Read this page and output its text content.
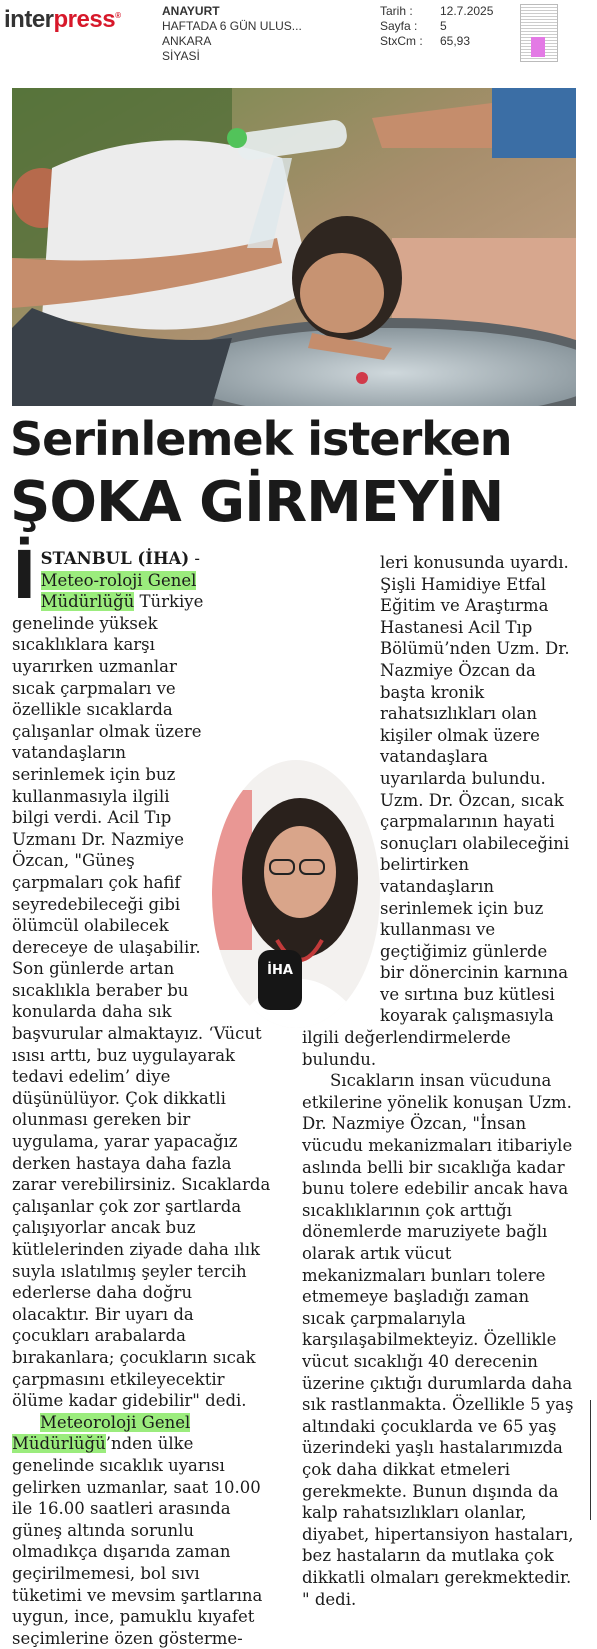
interpress®	ANAYURT
HAFTADA 6 GÜN ULUS...
ANKARA
SİYASİ
Tarih :	12.7.2025
Sayfa :	5
StxCm :	65,93
Serinlemek isterken
ŞOKA GİRMEYİN

İSTANBUL (İHA) - Meteo-roloji Genel Müdürlüğü Türkiye genelinde yüksek sıcaklıklara karşı uyarırken uzmanlar sıcak çarpmaları ve özellikle sıcaklarda çalışanlar olmak üzere vatandaşların serinlemek için buz kullanmasıyla ilgili bilgi verdi. Acil Tıp Uzmanı Dr. Nazmiye Özcan, "Güneş çarpmaları çok hafif seyredebileceği gibi ölümcül olabilecek dereceye de ulaşabilir. Son günlerde artan sıcaklıkla beraber bu konularda daha sık başvurular almaktayız. ‘Vücut ısısı arttı, buz uygulayarak tedavi edelim’ diye düşünülüyor. Çok dikkatli olunması gereken bir uygulama, yarar yapacağız derken hastaya daha fazla zarar verebilirsiniz. Sıcaklarda çalışanlar çok zor şartlarda çalışıyorlar ancak buz kütlelerinden ziyade daha ılık suyla ıslatılmış şeyler tercih ederlerse daha doğru olacaktır. Bir uyarı da çocukları arabalarda bırakanlara; çocukların sıcak çarpmasını etkileyecektir ölüme kadar gidebilir" dedi.

Meteoroloji Genel Müdürlüğü’nden ülke genelinde sıcaklık uyarısı gelirken uzmanlar, saat 10.00 ile 16.00 saatleri arasında güneş altında sorunlu olmadıkça dışarıda zaman geçirilmemesi, bol sıvı tüketimi ve mevsim şartlarına uygun, ince, pamuklu kıyafet seçimlerine özen gösterme-

İHA

leri konusunda uyardı. Şişli Hamidiye Etfal Eğitim ve Araştırma Hastanesi Acil Tıp Bölümü’nden Uzm. Dr. Nazmiye Özcan da başta kronik rahatsızlıkları olan kişiler olmak üzere vatandaşlara uyarılarda bulundu. Uzm. Dr. Özcan, sıcak çarpmalarının hayati sonuçları olabileceğini belirtirken vatandaşların serinlemek için buz kullanması ve geçtiğimiz günlerde bir dönercinin karnına ve sırtına buz kütlesi koyarak çalışmasıyla ilgili değerlendirmelerde bulundu.

Sıcakların insan vücuduna etkilerine yönelik konuşan Uzm. Dr. Nazmiye Özcan, "İnsan vücudu mekanizmaları itibariyle aslında belli bir sıcaklığa kadar bunu tolere edebilir ancak hava sıcaklıklarının çok arttığı dönemlerde maruziyete bağlı olarak artık vücut mekanizmaları bunları tolere etmemeye başladığı zaman sıcak çarpmalarıyla karşılaşabilmekteyiz. Özellikle vücut sıcaklığı 40 derecenin üzerine çıktığı durumlarda daha sık rastlanmakta. Özellikle 5 yaş altındaki çocuklarda ve 65 yaş üzerindeki yaşlı hastalarımızda çok daha dikkat etmeleri gerekmekte. Bunun dışında da kalp rahatsızlıkları olanlar, diyabet, hipertansiyon hastaları, bez hastaların da mutlaka çok dikkatli olmaları gerekmektedir. " dedi.
